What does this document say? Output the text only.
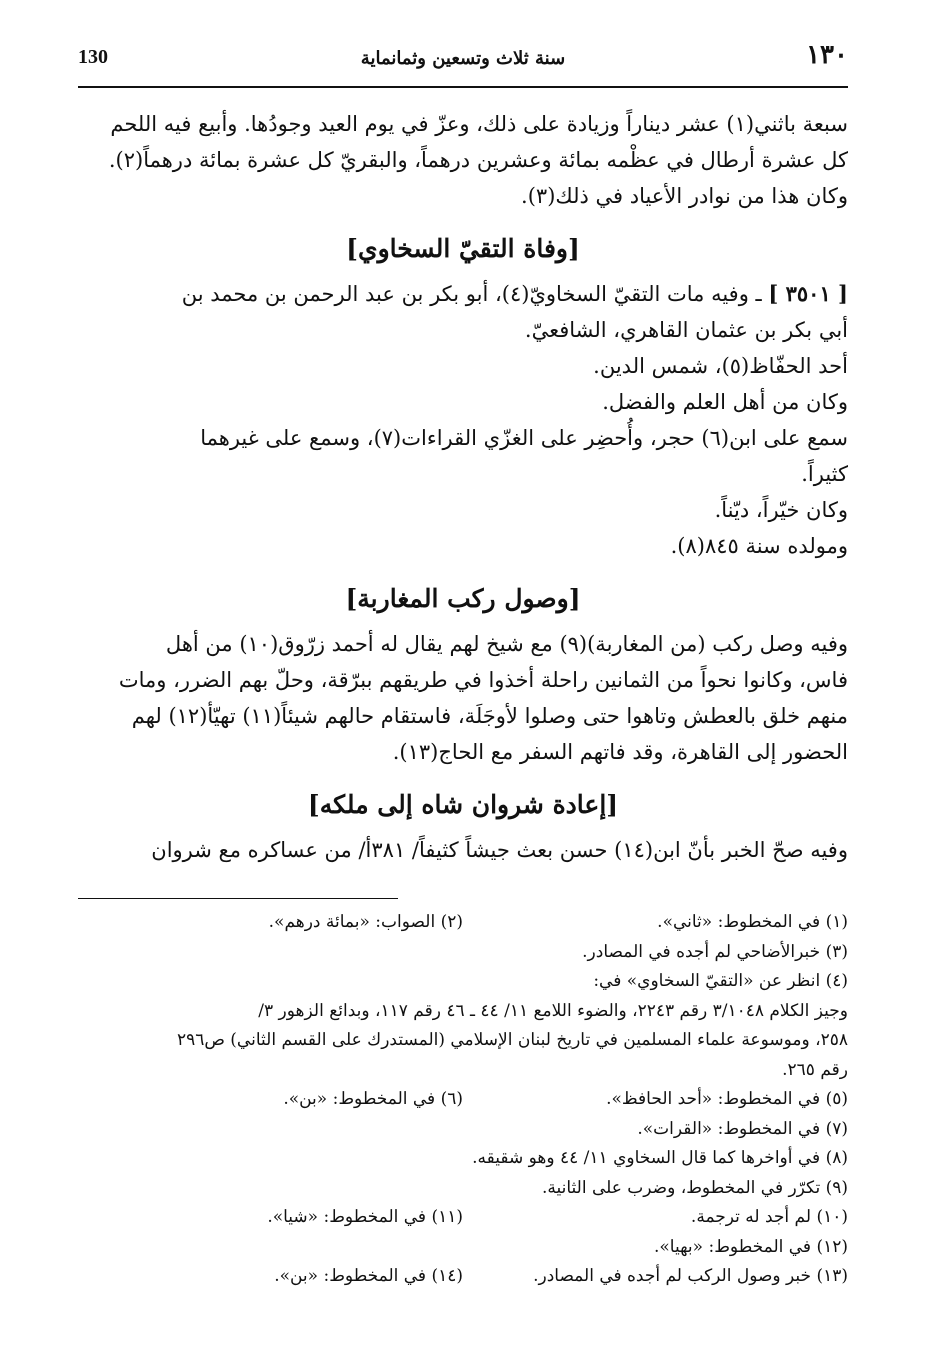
١٣٠
سنة ثلاث وتسعين وثمانماية
130

سبعة باثني(١) عشر ديناراً وزيادة على ذلك، وعزّ في يوم العيد وجودُها. وأبيع فيه اللحم

كل عشرة أرطال في عظْمه بمائة وعشرين درهماً، والبقريّ كل عشرة بمائة درهماً(٢).

وكان هذا من نوادر الأعياد في ذلك(٣).

[وفاة التقيّ السخاوي]

[ ٣٥٠١ ] ـ وفيه مات التقيّ السخاويّ(٤)، أبو بكر بن عبد الرحمن بن محمد بن

أبي بكر بن عثمان القاهري، الشافعيّ.

أحد الحفّاظ(٥)، شمس الدين.

وكان من أهل العلم والفضل.

سمع على ابن(٦) حجر، وأُحضِر على الغزّي القراءات(٧)، وسمع على غيرهما

كثيراً.

وكان خيّراً، ديّناً.

ومولده سنة ٨٤٥(٨).

[وصول ركب المغاربة]

وفيه وصل ركب (من المغاربة)(٩) مع شيخ لهم يقال له أحمد زرّوق(١٠) من أهل

فاس، وكانوا نحواً من الثمانين راحلة أخذوا في طريقهم ببرّقة، وحلّ بهم الضرر، ومات

منهم خلق بالعطش وتاهوا حتى وصلوا لأوجَلَة، فاستقام حالهم شيئاً(١١) تهيّأ(١٢) لهم

الحضور إلى القاهرة، وقد فاتهم السفر مع الحاج(١٣).

[إعادة شروان شاه إلى ملكه]

وفيه صحّ الخبر بأنّ ابن(١٤) حسن بعث جيشاً كثيفاً/ ٣٨١أ/ من عساكره مع شروان

(١) في المخطوط: «ثاني».
(٢) الصواب: «بمائة درهم».
(٣) خبرالأضاحي لم أجده في المصادر.
(٤) انظر عن «التقيّ السخاوي» في:
وجيز الكلام ٣/١٠٤٨ رقم ٢٢٤٣، والضوء اللامع ١١/ ٤٤ ـ ٤٦ رقم ١١٧، وبدائع الزهور ٣/
٢٥٨، وموسوعة علماء المسلمين في تاريخ لبنان الإسلامي (المستدرك على القسم الثاني) ص٢٩٦
رقم ٢٦٥.
(٥) في المخطوط: «أحد الحافظ».
(٦) في المخطوط: «بن».
(٧) في المخطوط: «القرات».
(٨) في أواخرها كما قال السخاوي ١١/ ٤٤ وهو شقيقه.
(٩) تكرّر في المخطوط، وضرب على الثانية.
(١٠) لم أجد له ترجمة.
(١١) في المخطوط: «شيا».
(١٢) في المخطوط: «بهيا».
(١٣) خبر وصول الركب لم أجده في المصادر.
(١٤) في المخطوط: «بن».
